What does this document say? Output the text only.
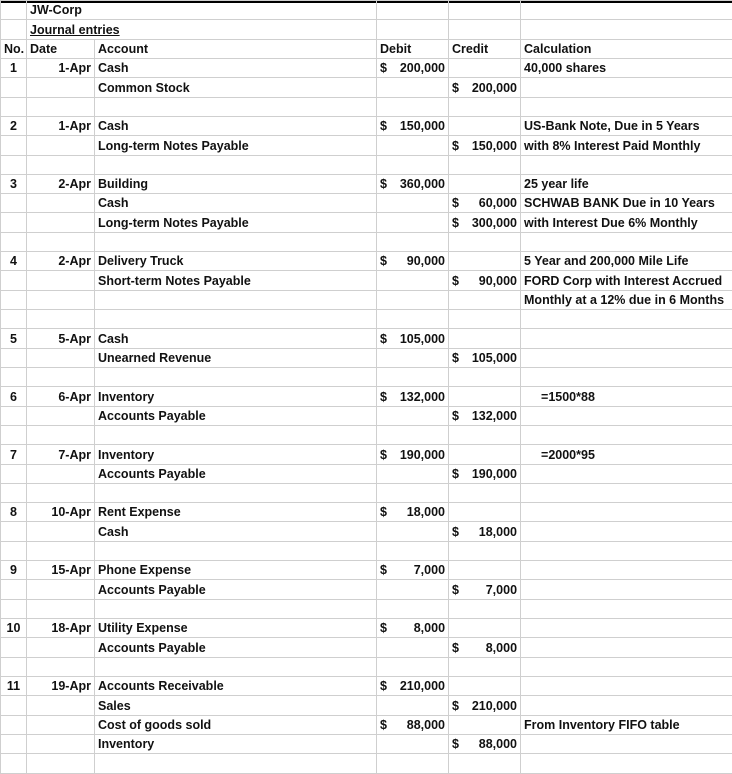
	JW-Corp				
	Journal entries				
No.	Date	Account	Debit	Credit	Calculation
1	1-Apr	Cash	$ 200,000		40,000 shares
		Common Stock		$ 200,000	

2	1-Apr	Cash	$ 150,000		US-Bank Note, Due in 5 Years
		Long-term Notes Payable		$ 150,000	with 8% Interest Paid Monthly

3	2-Apr	Building	$ 360,000		25 year life
		Cash		$ 60,000	SCHWAB BANK Due in 10 Years
		Long-term Notes Payable		$ 300,000	with Interest Due 6% Monthly

4	2-Apr	Delivery Truck	$ 90,000		5 Year and 200,000 Mile Life
		Short-term Notes Payable		$ 90,000	FORD Corp with Interest Accrued
					Monthly at a 12% due in 6 Months

5	5-Apr	Cash	$ 105,000		

		Unearned Revenue		$ 105,000	

6	6-Apr	Inventory	$ 132,000		=1500*88
		Accounts Payable		$ 132,000	

7	7-Apr	Inventory	$ 190,000		=2000*95
		Accounts Payable		$ 190,000	

8	10-Apr	Rent Expense	$ 18,000		

		Cash		$ 18,000	

9	15-Apr	Phone Expense	$ 7,000		

		Accounts Payable		$ 7,000	

10	18-Apr	Utility Expense	$ 8,000		

		Accounts Payable		$ 8,000	

11	19-Apr	Accounts Receivable	$ 210,000		

		Sales		$ 210,000	

		Cost of goods sold	$ 88,000		From Inventory FIFO table
		Inventory		$ 88,000	
